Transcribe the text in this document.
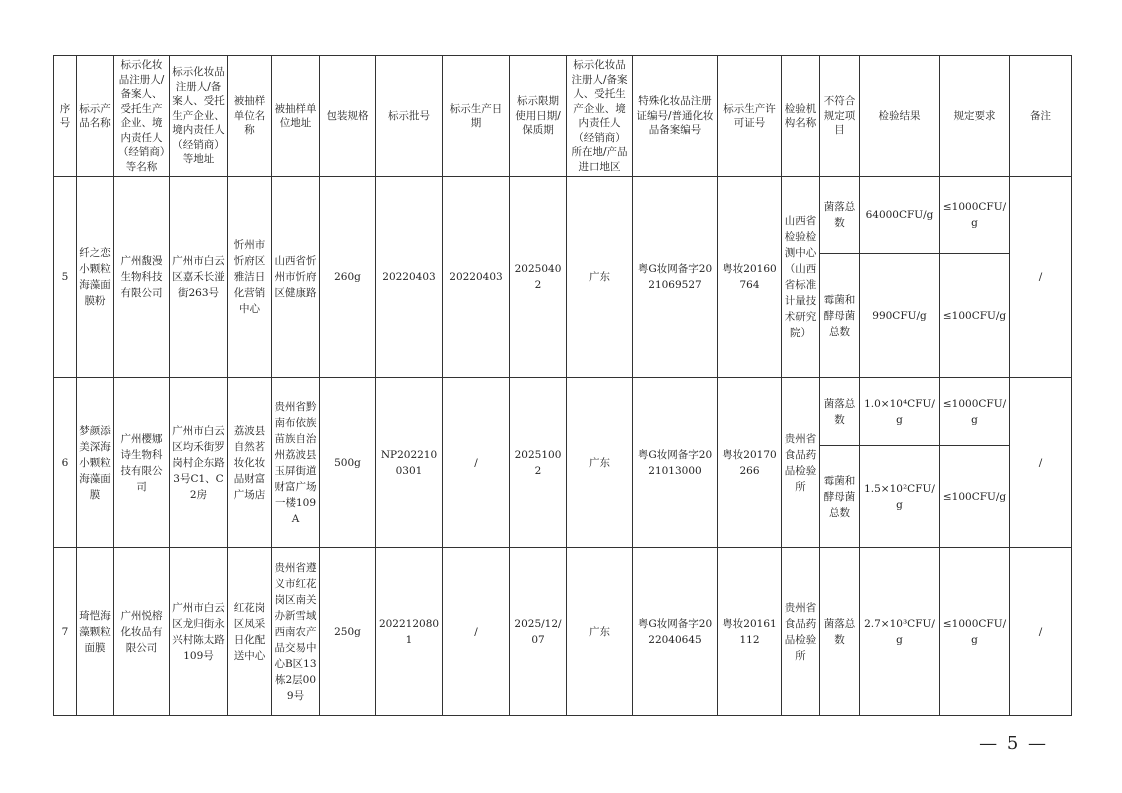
序号	标示产品名称	标示化妆品注册人/备案人、受托生产企业、境内责任人（经销商）等名称	标示化妆品注册人/备案人、受托生产企业、境内责任人（经销商）等地址	被抽样单位名称	被抽样单位地址	包装规格	标示批号	标示生产日期	标示限期使用日期/保质期	标示化妆品注册人/备案人、受托生产企业、境内责任人（经销商）所在地/产品进口地区	特殊化妆品注册证编号/普通化妆品备案编号	标示生产许可证号	检验机构名称	不符合规定项目	检验结果	规定要求	备注
5	纤之恋小颗粒海藻面膜粉	广州馥漫生物科技有限公司	广州市白云区嘉禾长湴街263号	忻州市忻府区雅洁日化营销中心	山西省忻州市忻府区健康路	260g	20220403	20220403	20250402	广东	粤G妆网备字2021069527	粤妆20160764	山西省检验检测中心（山西省标准计量技术研究院）	菌落总数	64000CFU/g	≤1000CFU/g	/
														霉菌和酵母菌总数	990CFU/g	≤100CFU/g	
6	梦颜添美深海小颗粒海藻面膜	广州樱娜诗生物科技有限公司	广州市白云区均禾街罗岗村企东路3号C1、C2房	荔波县自然茗妆化妆品财富广场店	贵州省黔南布依族苗族自治州荔波县玉屏街道财富广场一楼109A	500g	NP2022100301	/	20251002	广东	粤G妆网备字2021013000	粤妆20170266	贵州省食品药品检验所	菌落总数	1.0×10⁴CFU/g	≤1000CFU/g	/
														霉菌和酵母菌总数	1.5×10²CFU/g	≤100CFU/g	
7	琦恺海藻颗粒面膜	广州悦榕化妆品有限公司	广州市白云区龙归街永兴村陈太路109号	红花岗区凤采日化配送中心	贵州省遵义市红花岗区南关办新雪域西南农产品交易中心B区13栋2层009号	250g	2022120801	/	2025/12/07	广东	粤G妆网备字2022040645	粤妆20161112	贵州省食品药品检验所	菌落总数	2.7×10³CFU/g	≤1000CFU/g	/
— 5 —
